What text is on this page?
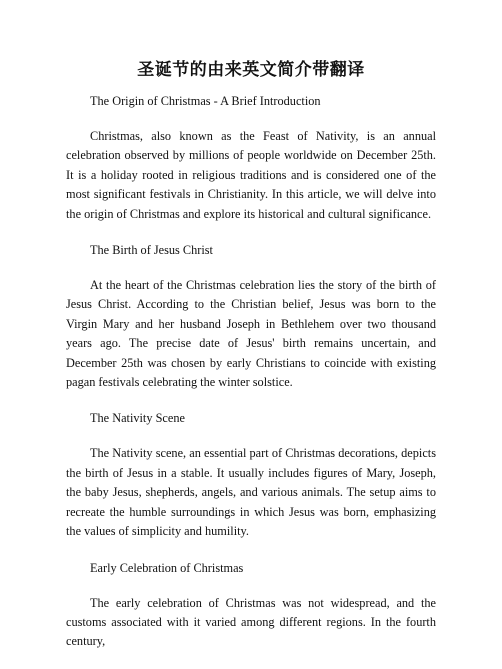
圣诞节的由来英文简介带翻译
The Origin of Christmas - A Brief Introduction

Christmas, also known as the Feast of Nativity, is an annual celebration observed by millions of people worldwide on December 25th. It is a holiday rooted in religious traditions and is considered one of the most significant festivals in Christianity. In this article, we will delve into the origin of Christmas and explore its historical and cultural significance.

The Birth of Jesus Christ

At the heart of the Christmas celebration lies the story of the birth of Jesus Christ. According to the Christian belief, Jesus was born to the Virgin Mary and her husband Joseph in Bethlehem over two thousand years ago. The precise date of Jesus' birth remains uncertain, and December 25th was chosen by early Christians to coincide with existing pagan festivals celebrating the winter solstice.

The Nativity Scene

The Nativity scene, an essential part of Christmas decorations, depicts the birth of Jesus in a stable. It usually includes figures of Mary, Joseph, the baby Jesus, shepherds, angels, and various animals. The setup aims to recreate the humble surroundings in which Jesus was born, emphasizing the values of simplicity and humility.

Early Celebration of Christmas

The early celebration of Christmas was not widespread, and the customs associated with it varied among different regions. In the fourth century,
